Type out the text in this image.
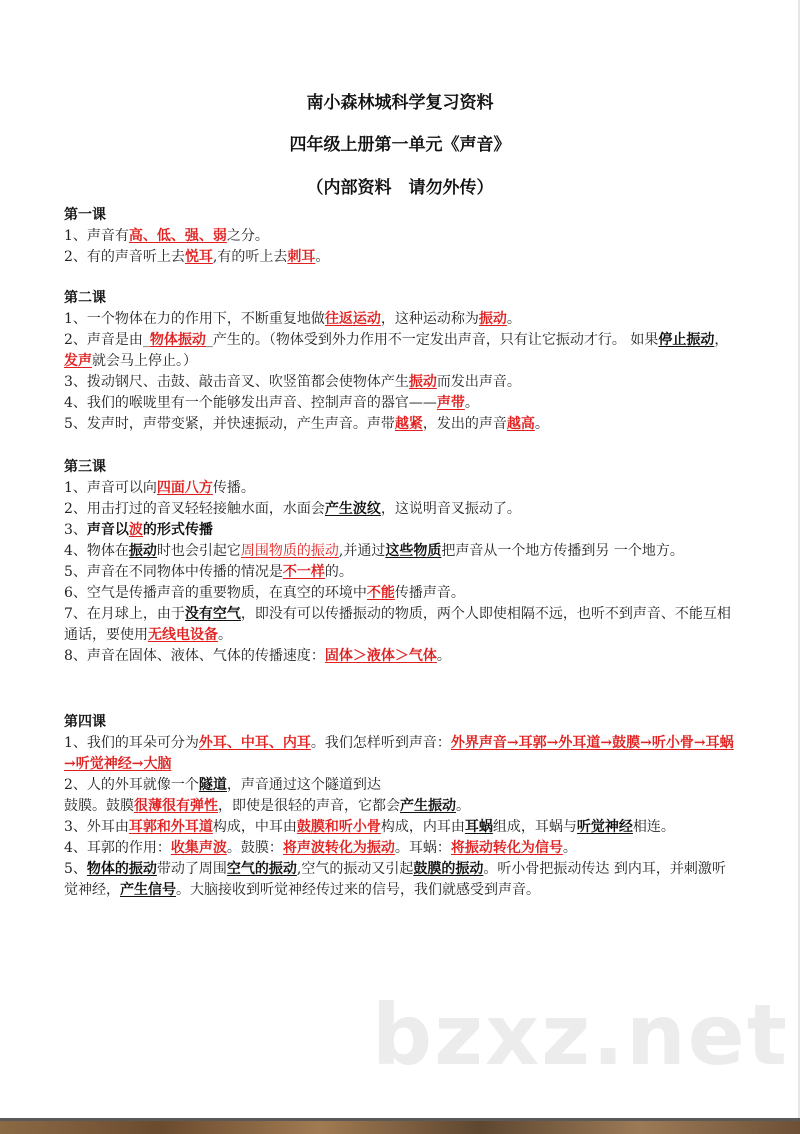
南小森林城科学复习资料

四年级上册第一单元《声音》

（内部资料　请勿外传）

第一课

1、声音有高、低、强、弱之分。

2、有的声音听上去悦耳,有的听上去刺耳。

第二课

1、一个物体在力的作用下，不断重复地做往返运动，这种运动称为振动。

2、声音是由_物体振动_产生的。（物体受到外力作用不一定发出声音，只有让它振动才行。 如果停止振动，发声就会马上停止。）

3、拨动钢尺、击鼓、敲击音叉、吹竖笛都会使物体产生振动而发出声音。

4、我们的喉咙里有一个能够发出声音、控制声音的器官——声带。

5、发声时，声带变紧，并快速振动，产生声音。声带越紧，发出的声音越高。

第三课

1、声音可以向四面八方传播。

2、用击打过的音叉轻轻接触水面，水面会产生波纹，这说明音叉振动了。

3、声音以波的形式传播

4、物体在振动时也会引起它周围物质的振动,并通过这些物质把声音从一个地方传播到另 一个地方。

5、声音在不同物体中传播的情况是不一样的。

6、空气是传播声音的重要物质，在真空的环境中不能传播声音。

7、在月球上，由于没有空气，即没有可以传播振动的物质，两个人即使相隔不远，也听不到声音、不能互相通话，要使用无线电设备。

8、声音在固体、液体、气体的传播速度：固体＞液体＞气体。

第四课

1、我们的耳朵可分为外耳、中耳、内耳。我们怎样听到声音：外界声音→耳郭→外耳道→鼓膜→听小骨→耳蜗→听觉神经→大脑

2、人的外耳就像一个隧道，声音通过这个隧道到达

鼓膜。鼓膜很薄很有弹性，即使是很轻的声音，它都会产生振动。

3、外耳由耳郭和外耳道构成，中耳由鼓膜和听小骨构成，内耳由耳蜗组成，耳蜗与听觉神经相连。

4、耳郭的作用：收集声波。鼓膜：将声波转化为振动。耳蜗：将振动转化为信号。

5、物体的振动带动了周围空气的振动,空气的振动又引起鼓膜的振动。听小骨把振动传达 到内耳，并刺激听觉神经，产生信号。大脑接收到听觉神经传过来的信号，我们就感受到声音。

bzxz.net
